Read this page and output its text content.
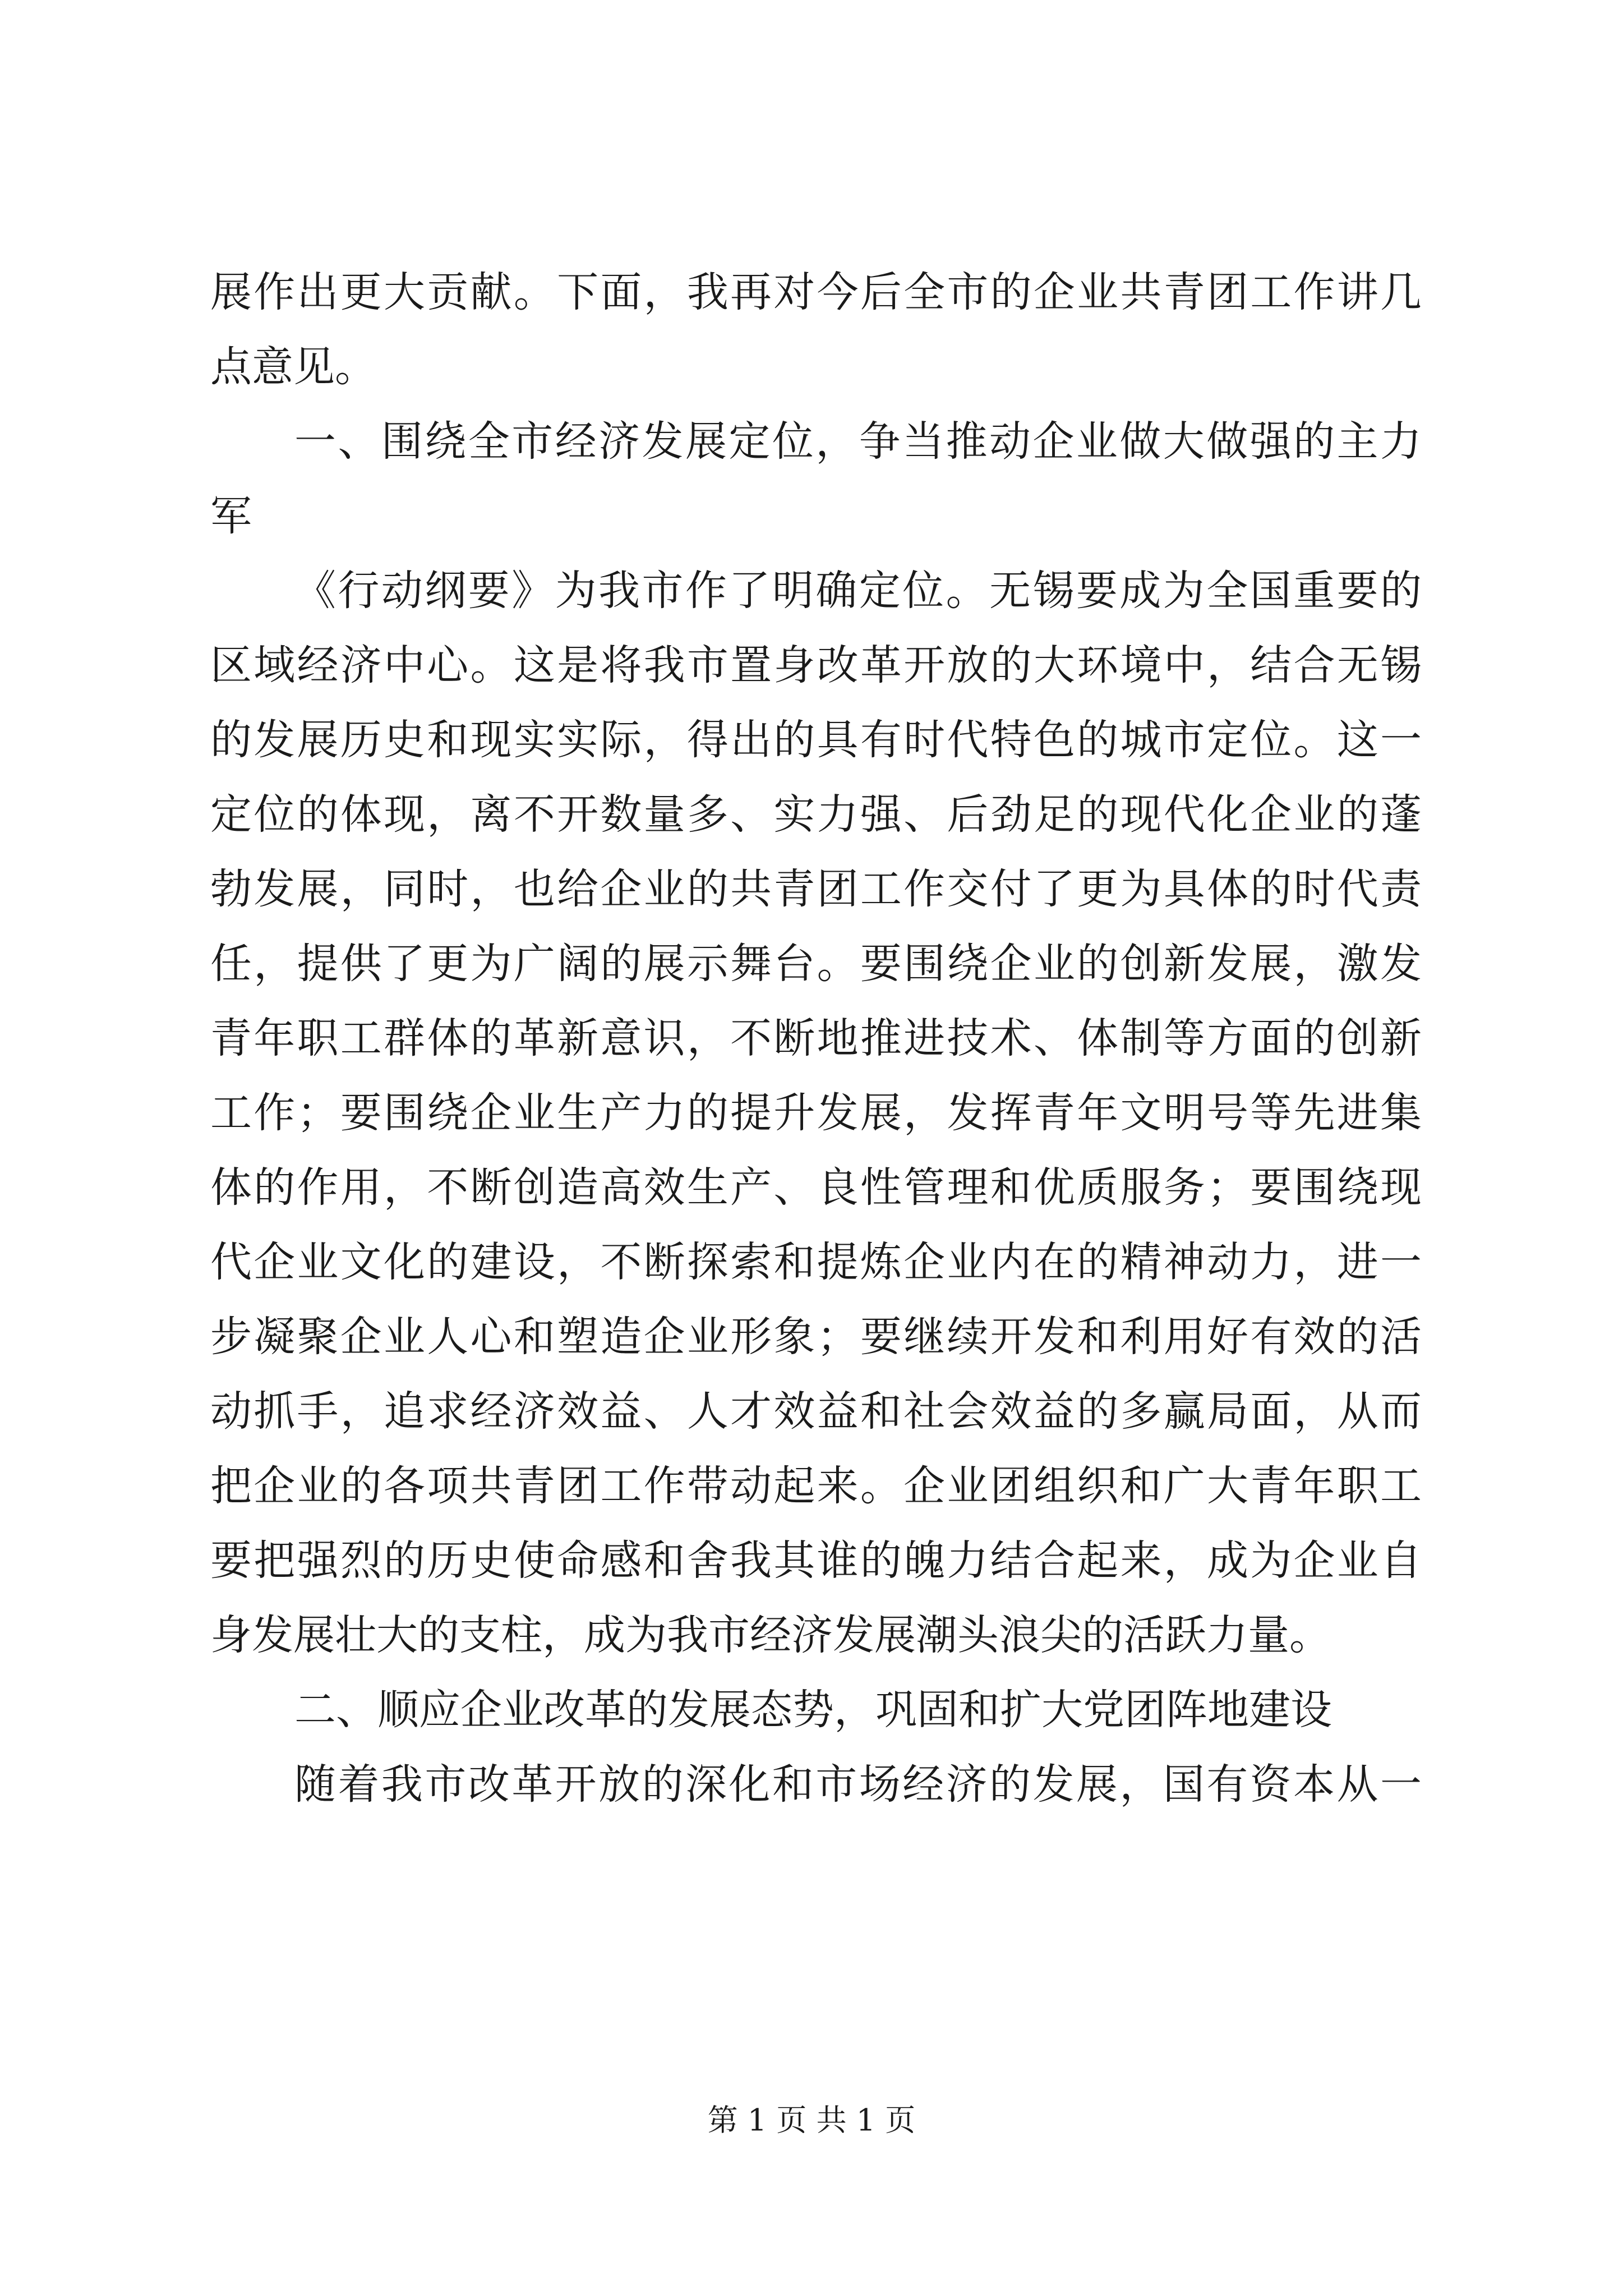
展作出更大贡献。下面，我再对今后全市的企业共青团工作讲几
点意见。
一、围绕全市经济发展定位，争当推动企业做大做强的主力
军
《行动纲要》为我市作了明确定位。无锡要成为全国重要的
区域经济中心。这是将我市置身改革开放的大环境中，结合无锡
的发展历史和现实实际，得出的具有时代特色的城市定位。这一
定位的体现，离不开数量多、实力强、后劲足的现代化企业的蓬
勃发展，同时，也给企业的共青团工作交付了更为具体的时代责
任，提供了更为广阔的展示舞台。要围绕企业的创新发展，激发
青年职工群体的革新意识，不断地推进技术、体制等方面的创新
工作；要围绕企业生产力的提升发展，发挥青年文明号等先进集
体的作用，不断创造高效生产、良性管理和优质服务；要围绕现
代企业文化的建设，不断探索和提炼企业内在的精神动力，进一
步凝聚企业人心和塑造企业形象；要继续开发和利用好有效的活
动抓手，追求经济效益、人才效益和社会效益的多赢局面，从而
把企业的各项共青团工作带动起来。企业团组织和广大青年职工
要把强烈的历史使命感和舍我其谁的魄力结合起来，成为企业自
身发展壮大的支柱，成为我市经济发展潮头浪尖的活跃力量。
二、顺应企业改革的发展态势，巩固和扩大党团阵地建设
随着我市改革开放的深化和市场经济的发展，国有资本从一
第 1 页 共 1 页
